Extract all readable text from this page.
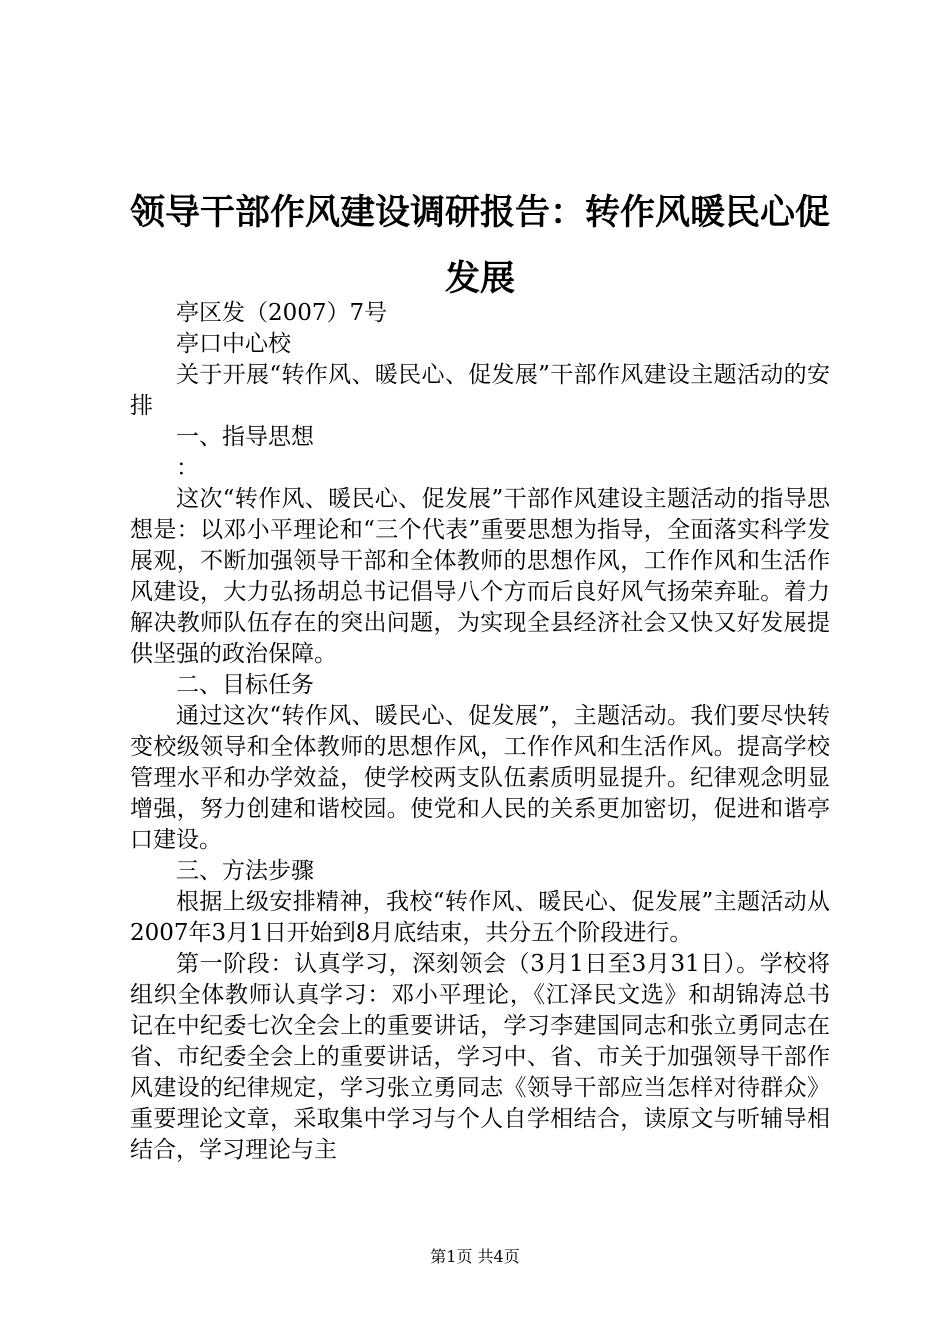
领导干部作风建设调研报告：转作风暖民心促发展

亭区发（2007）7号

亭口中心校

关于开展“转作风、暖民心、促发展”干部作风建设主题活动的安排

一、指导思想

：

这次“转作风、暖民心、促发展”干部作风建设主题活动的指导思想是：以邓小平理论和“三个代表”重要思想为指导，全面落实科学发展观，不断加强领导干部和全体教师的思想作风，工作作风和生活作风建设，大力弘扬胡总书记倡导八个方而后良好风气扬荣弃耻。着力解决教师队伍存在的突出问题，为实现全县经济社会又快又好发展提供坚强的政治保障。

二、目标任务

通过这次“转作风、暖民心、促发展”，主题活动。我们要尽快转变校级领导和全体教师的思想作风，工作作风和生活作风。提高学校管理水平和办学效益，使学校两支队伍素质明显提升。纪律观念明显增强，努力创建和谐校园。使党和人民的关系更加密切，促进和谐亭口建设。

三、方法步骤

根据上级安排精神，我校“转作风、暖民心、促发展”主题活动从2007年3月1日开始到8月底结束，共分五个阶段进行。

第一阶段：认真学习，深刻领会（3月1日至3月31日）。学校将组织全体教师认真学习：邓小平理论，《江泽民文选》和胡锦涛总书记在中纪委七次全会上的重要讲话，学习李建国同志和张立勇同志在省、市纪委全会上的重要讲话，学习中、省、市关于加强领导干部作风建设的纪律规定，学习张立勇同志《领导干部应当怎样对待群众》重要理论文章，采取集中学习与个人自学相结合，读原文与听辅导相结合，学习理论与主

第1页 共4页
